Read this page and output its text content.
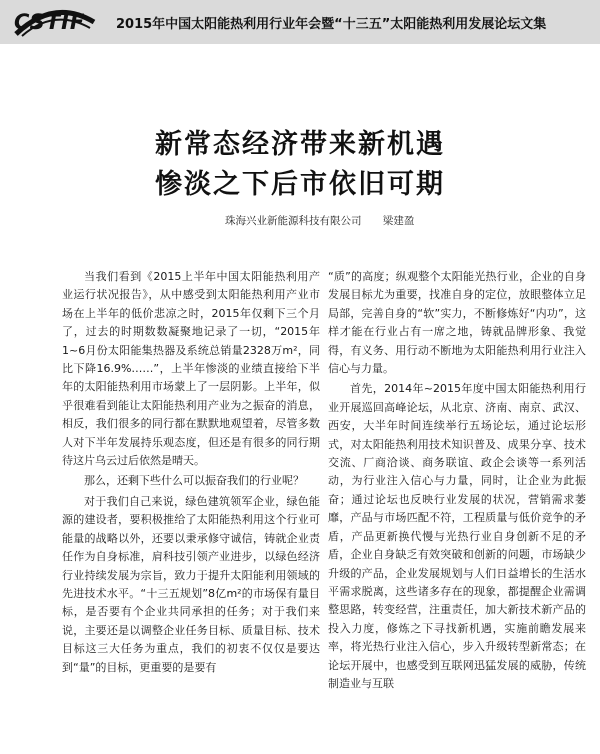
CSTIF 2015年中国太阳能热利用行业年会暨“十三五”太阳能热利用发展论坛文集
新常态经济带来新机遇
惨淡之下后市依旧可期
珠海兴业新能源科技有限公司 梁建盈

当我们看到《2015上半年中国太阳能热利用产业运行状况报告》，从中感受到太阳能热利用产业市场在上半年的低价悲凉之时，2015年仅剩下三个月了，过去的时期数数凝聚地记录了一切，“2015年1~6月份太阳能集热器及系统总销量2328万m²，同比下降16.9%……”，上半年惨淡的业绩直接给下半年的太阳能热利用市场蒙上了一层阴影。上半年，似乎很难看到能让太阳能热利用产业为之振奋的消息，相反，我们很多的同行都在默默地观望着，尽管多数人对下半年发展持乐观态度，但还是有很多的同行期待这片乌云过后依然是晴天。

那么，还剩下些什么可以振奋我们的行业呢？

对于我们自己来说，绿色建筑领军企业，绿色能源的建设者，要积极推给了太阳能热利用这个行业可能量的战略以外，还要以秉承修守诚信，铸就企业责任作为自身标准，肩科技引领产业进步，以绿色经济行业持续发展为宗旨，致力于提升太阳能利用领域的先进技术水平。“十三五规划”8亿m²的市场保有量目标，是否要有个企业共同承担的任务；对于我们来说，主要还是以调整企业任务目标、质量目标、技术目标这三大任务为重点，我们的初衷不仅仅是要达到“量”的目标，更重要的是要有

“质”的高度；纵观整个太阳能光热行业，企业的自身发展目标尤为重要，找准自身的定位，放眼整体立足局部，完善自身的“软”实力，不断修炼好“内功”，这样才能在行业占有一席之地，铸就品牌形象、我觉得，有义务、用行动不断地为太阳能热利用行业注入信心与力量。

首先，2014年~2015年度中国太阳能热利用行业开展巡回高峰论坛，从北京、济南、南京、武汉、西安，大半年时间连续举行五场论坛，通过论坛形式，对太阳能热利用技术知识普及、成果分享、技术交流、厂商洽谈、商务联谊、政企会谈等一系列活动，为行业注入信心与力量，同时，让企业为此振奋；通过论坛也反映行业发展的状况，营销需求萎靡，产品与市场匹配不符，工程质量与低价竞争的矛盾，产品更新换代慢与光热行业自身创新不足的矛盾，企业自身缺乏有效突破和创新的问题，市场缺少升级的产品，企业发展规划与人们日益增长的生活水平需求脱离，这些诸多存在的现象，都提醒企业需调整思路，转变经营，注重责任，加大新技术新产品的投入力度，修炼之下寻找新机遇，实施前瞻发展来率，将光热行业注入信心，步入升级转型新常态；在论坛开展中，也感受到互联网迅猛发展的威胁，传统制造业与互联
